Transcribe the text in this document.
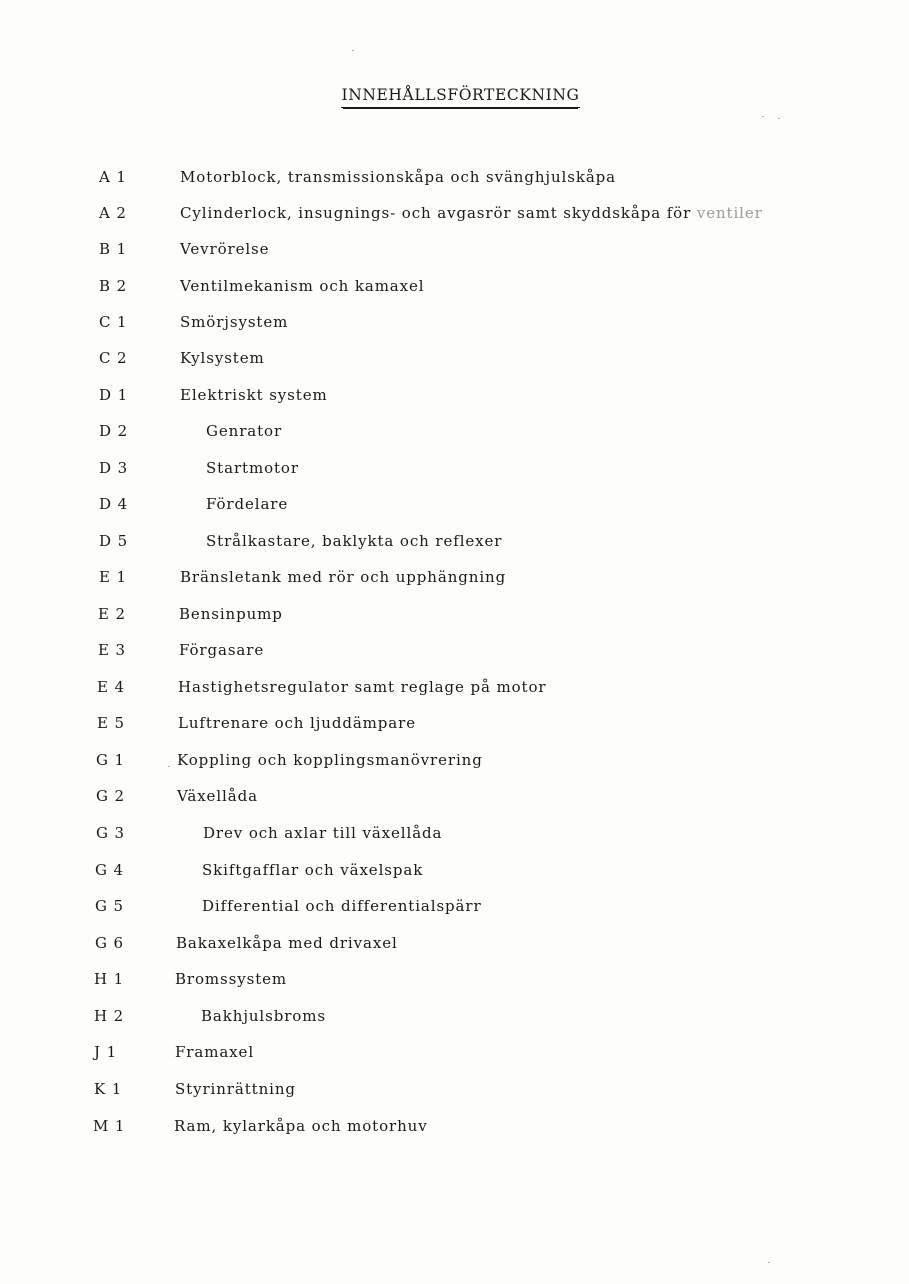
INNEHÅLLSFÖRTECKNING
A 1	Motorblock, transmissionskåpa och svänghjulskåpa
A 2	Cylinderlock, insugnings- och avgasrör samt skyddskåpa för ventiler
B 1	Vevrörelse
B 2	Ventilmekanism och kamaxel
C 1	Smörjsystem
C 2	Kylsystem
D 1	Elektriskt system
D 2	Genrator
D 3	Startmotor
D 4	Fördelare
D 5	Strålkastare, baklykta och reflexer
E 1	Bränsletank med rör och upphängning
E 2	Bensinpump
E 3	Förgasare
E 4	Hastighetsregulator samt reglage på motor
E 5	Luftrenare och ljuddämpare
G 1	Koppling och kopplingsmanövrering
G 2	Växellåda
G 3	Drev och axlar till växellåda
G 4	Skiftgafflar och växelspak
G 5	Differential och differentialspärr
G 6	Bakaxelkåpa med drivaxel
H 1	Bromssystem
H 2	Bakhjulsbroms
J 1	Framaxel
K 1	Styrinrättning
M 1	Ram, kylarkåpa och motorhuv
